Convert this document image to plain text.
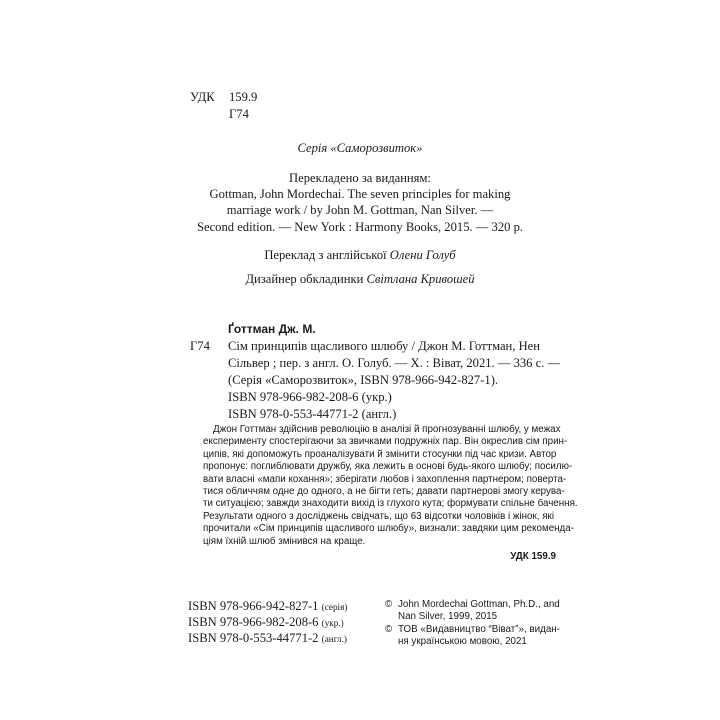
УДК 159.9
Г74
Серія «Саморозвиток»
Перекладено за виданням:
Gottman, John Mordechai. The seven principles for making
marriage work / by John M. Gottman, Nan Silver. —
Second edition. — New York : Harmony Books, 2015. — 320 p.
Переклад з англійської Олени Голуб
Дизайнер обкладинки Світлана Кривошей
Ґоттман Дж. М.
Г74 Сім принципів щасливого шлюбу / Джон М. Готтман, Нен
Сільвер ; пер. з англ. О. Голуб. — Х. : Віват, 2021. — 336 с. —
(Серія «Саморозвиток», ISBN 978-966-942-827-1).
ISBN 978-966-982-208-6 (укр.)
ISBN 978-0-553-44771-2 (англ.)
Джон Готтман здійснив революцію в аналізі й прогнозуванні шлюбу, у межах
експерименту спостерігаючи за звичками подружніх пар. Він окреслив сім прин-
ципів, які допоможуть проаналізувати й змінити стосунки під час кризи. Автор
пропонує: поглиблювати дружбу, яка лежить в основі будь-якого шлюбу; посилю-
вати власні «мапи кохання»; зберігати любов і захоплення партнером; поверта-
тися обличчям одне до одного, а не бігти геть; давати партнерові змогу керува-
ти ситуацією; завжди знаходити вихід із глухого кута; формувати спільне бачення.
Результати одного з досліджень свідчать, що 63 відсотки чоловіків і жінок, які
прочитали «Сім принципів щасливого шлюбу», визнали: завдяки цим рекоменда-
ціям їхній шлюб змінився на краще.
УДК 159.9
ISBN 978-966-942-827-1 (серія)
ISBN 978-966-982-208-6 (укр.)
ISBN 978-0-553-44771-2 (англ.)
© John Mordechai Gottman, Ph.D., and
Nan Silver, 1999, 2015
© ТОВ «Видавництво “Віват”», видан-
ня українською мовою, 2021
